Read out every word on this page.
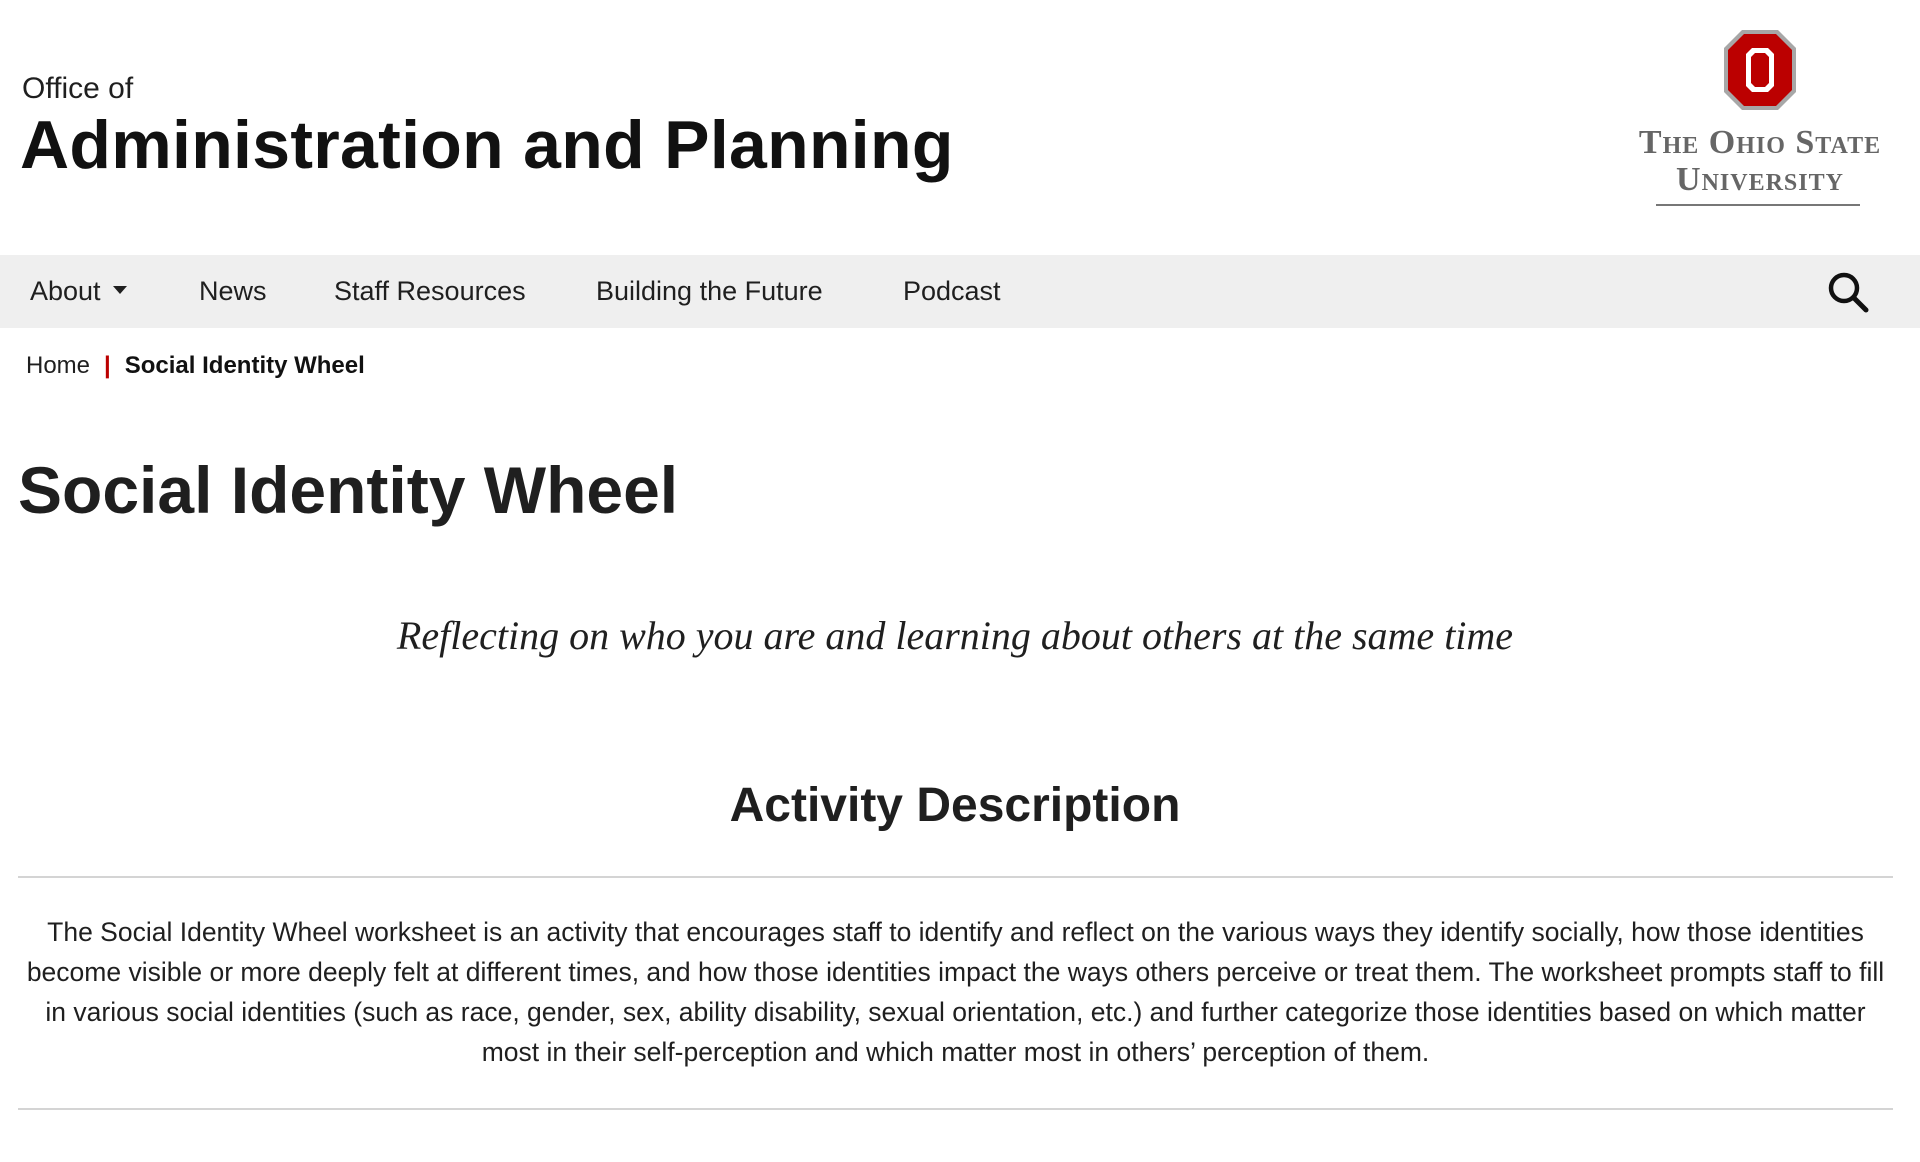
Office of
Administration and Planning	The Ohio State
University
About	News Staff Resources	Building the Future	Podcast
Home | Social Identity Wheel
Social Identity Wheel
Reflecting on who you are and learning about others at the same time
Activity Description

The Social Identity Wheel worksheet is an activity that encourages staff to identify and reflect on the various ways they identify socially, how those identities become visible or more deeply felt at different times, and how those identities impact the ways others perceive or treat them. The worksheet prompts staff to fill in various social identities (such as race, gender, sex, ability disability, sexual orientation, etc.) and further categorize those identities based on which matter most in their self-perception and which matter most in others’ perception of them.
